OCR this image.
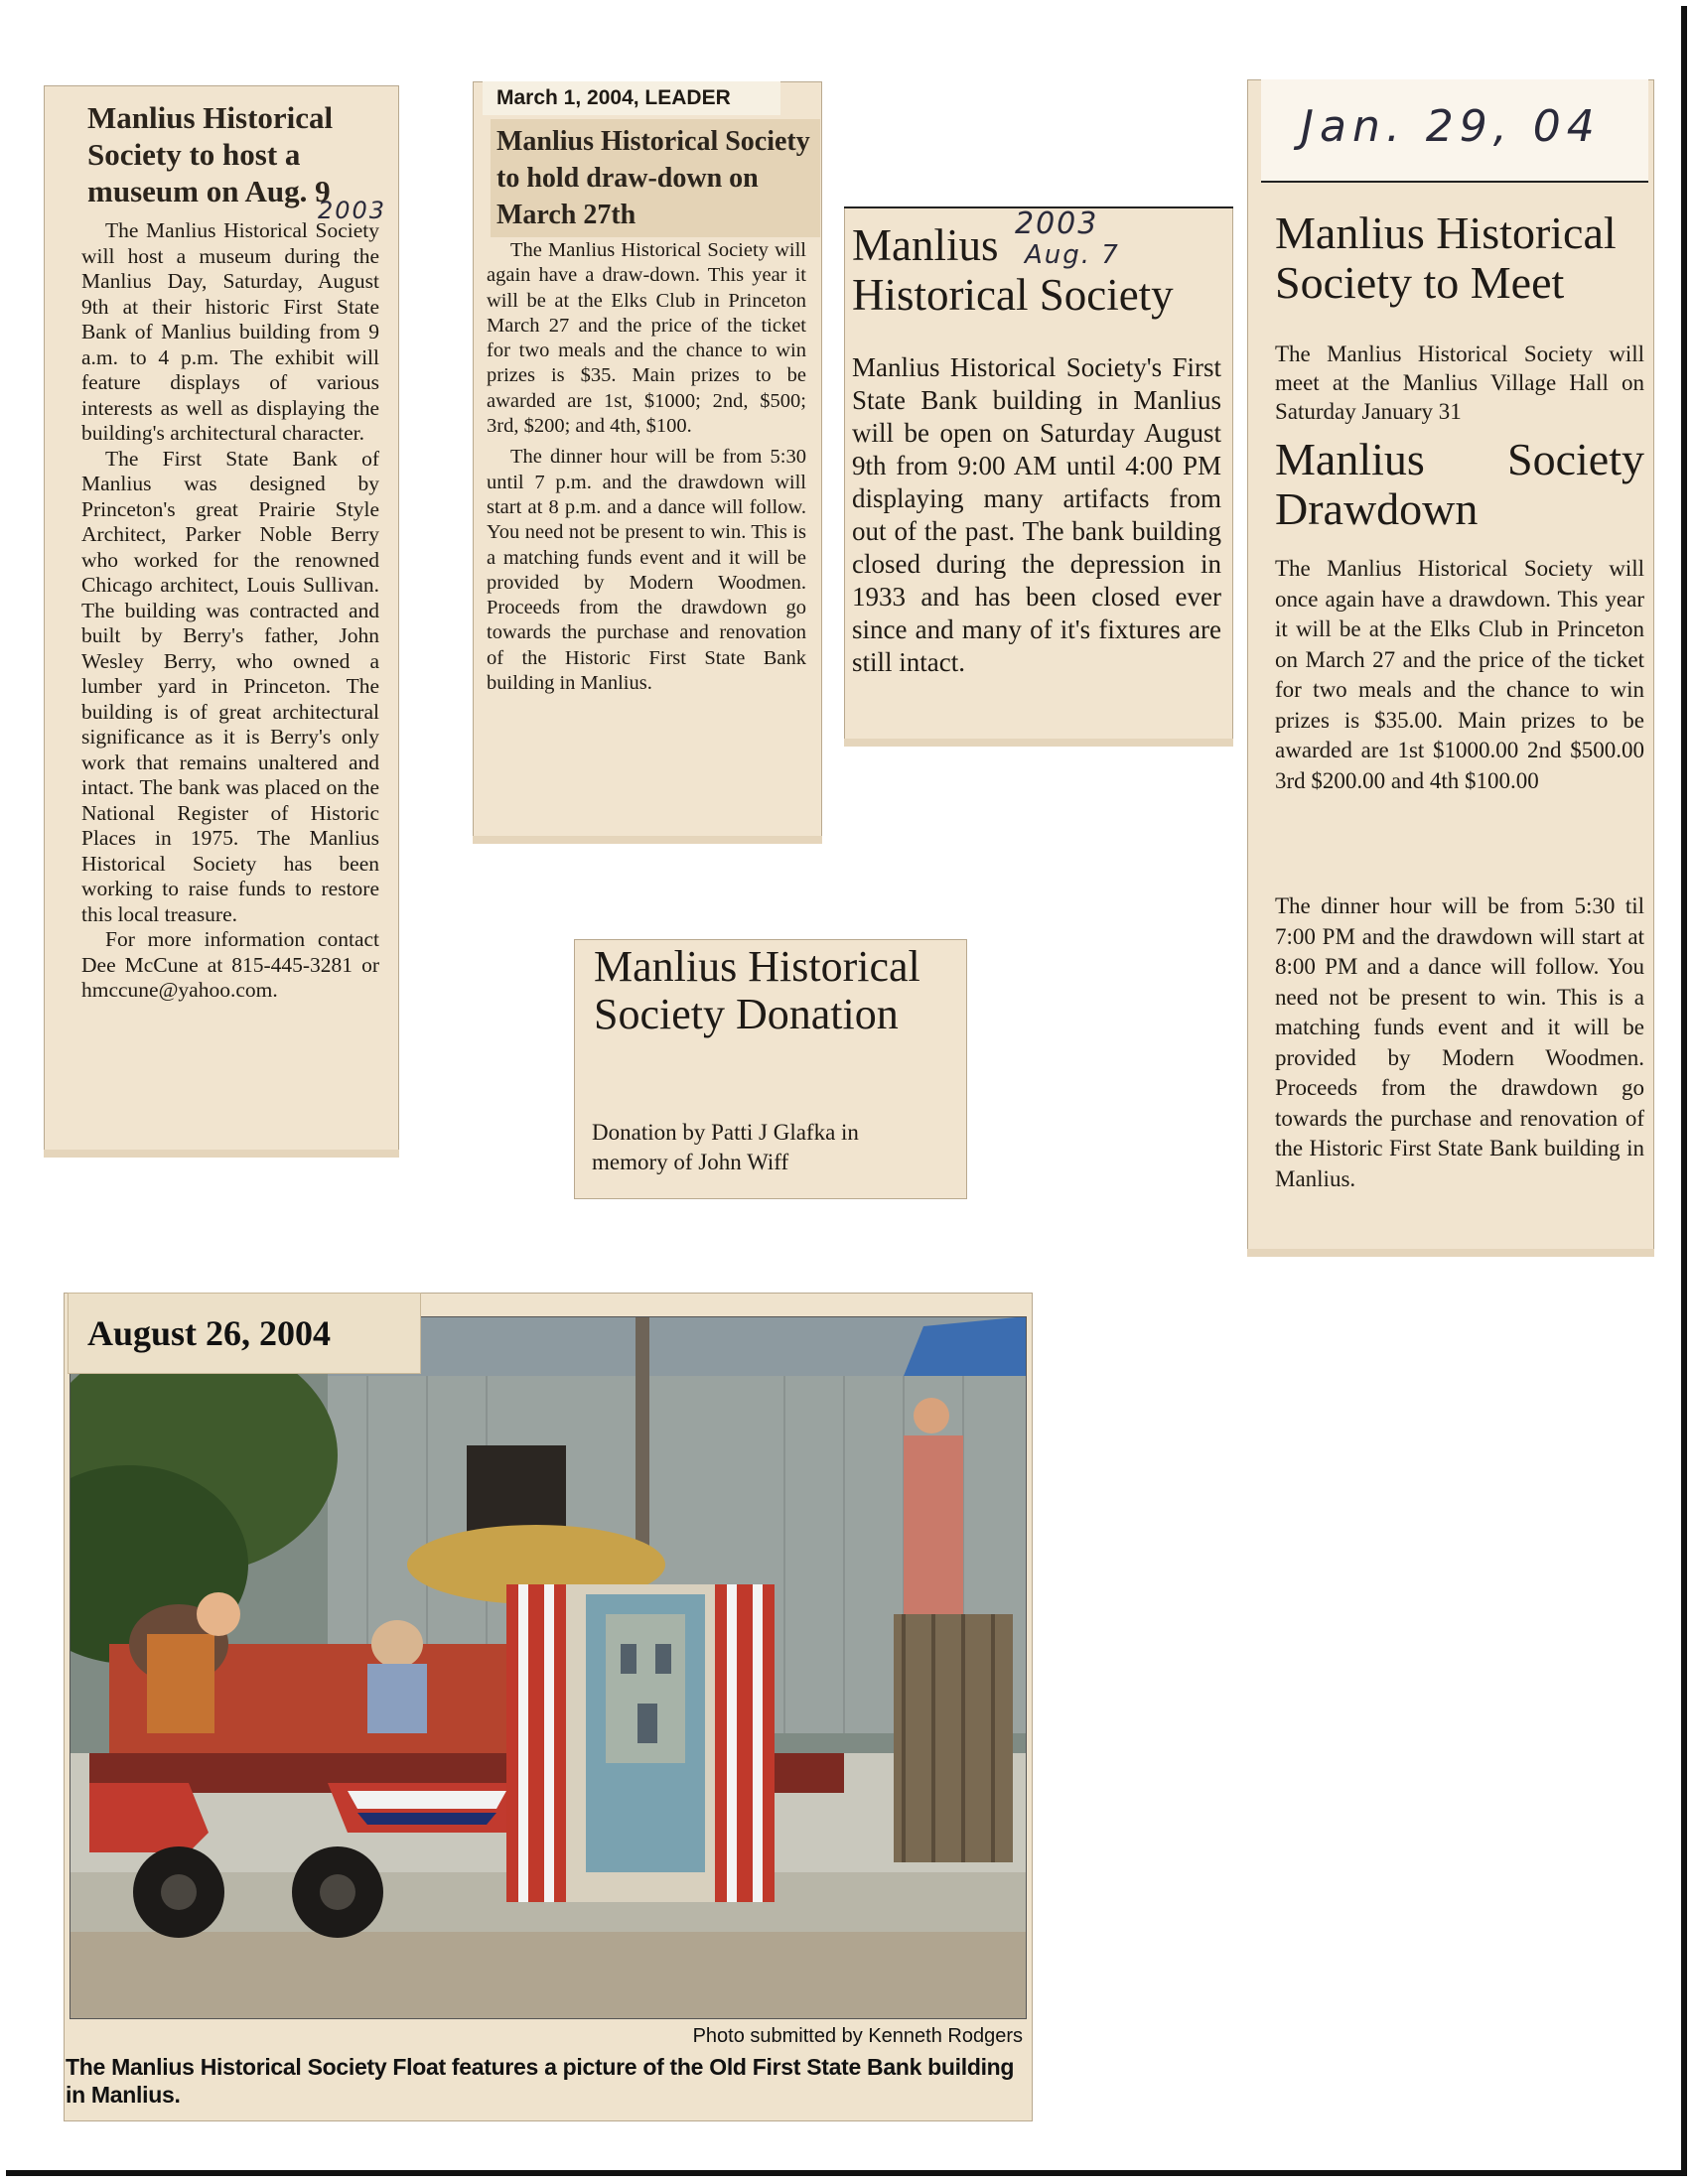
Manlius Historical Society to host a museum on Aug. 9
2003

The Manlius Historical Society will host a museum during the Manlius Day, Saturday, August 9th at their historic First State Bank of Manlius building from 9 a.m. to 4 p.m. The exhibit will feature displays of various interests as well as displaying the building's architectural character.

The First State Bank of Manlius was designed by Princeton's great Prairie Style Architect, Parker Noble Berry who worked for the renowned Chicago architect, Louis Sullivan. The building was contracted and built by Berry's father, John Wesley Berry, who owned a lumber yard in Princeton. The building is of great architectural significance as it is Berry's only work that remains unaltered and intact. The bank was placed on the National Register of Historic Places in 1975. The Manlius Historical Society has been working to raise funds to restore this local treasure.

For more information contact Dee McCune at 815-445-3281 or hmccune@yahoo.com.

March 1, 2004, LEADER
Manlius Historical Society to hold draw-down on March 27th

The Manlius Historical Society will again have a draw-down. This year it will be at the Elks Club in Princeton March 27 and the price of the ticket for two meals and the chance to win prizes is $35. Main prizes to be awarded are 1st, $1000; 2nd, $500; 3rd, $200; and 4th, $100.

The dinner hour will be from 5:30 until 7 p.m. and the drawdown will start at 8 p.m. and a dance will follow. You need not be present to win. This is a matching funds event and it will be provided by Modern Woodmen. Proceeds from the drawdown go towards the purchase and renovation of the Historic First State Bank building in Manlius.

Manlius
Historical Society
2003
Aug. 7

Manlius Historical Society's First State Bank building in Manlius will be open on Saturday August 9th from 9:00 AM until 4:00 PM displaying many artifacts from out of the past. The bank building closed during the depression in 1933 and has been closed ever since and many of it's fixtures are still intact.

Manlius Historical Society Donation

Donation by Patti J Glafka in memory of John Wiff

Jan. 29, 04
Manlius Historical Society to Meet

The Manlius Historical Society will meet at the Manlius Village Hall on Saturday January 31

Manlius Society Drawdown

The Manlius Historical Society will once again have a drawdown. This year it will be at the Elks Club in Princeton on March 27 and the price of the ticket for two meals and the chance to win prizes is $35.00. Main prizes to be awarded are 1st $1000.00 2nd $500.00 3rd $200.00 and 4th $100.00

The dinner hour will be from 5:30 til 7:00 PM and the drawdown will start at 8:00 PM and a dance will follow. You need not be present to win. This is a matching funds event and it will be provided by Modern Woodmen. Proceeds from the drawdown go towards the purchase and renovation of the Historic First State Bank building in Manlius.

August 26, 2004
Photo submitted by Kenneth Rodgers
The Manlius Historical Society Float features a picture of the Old First State Bank building in Manlius.
